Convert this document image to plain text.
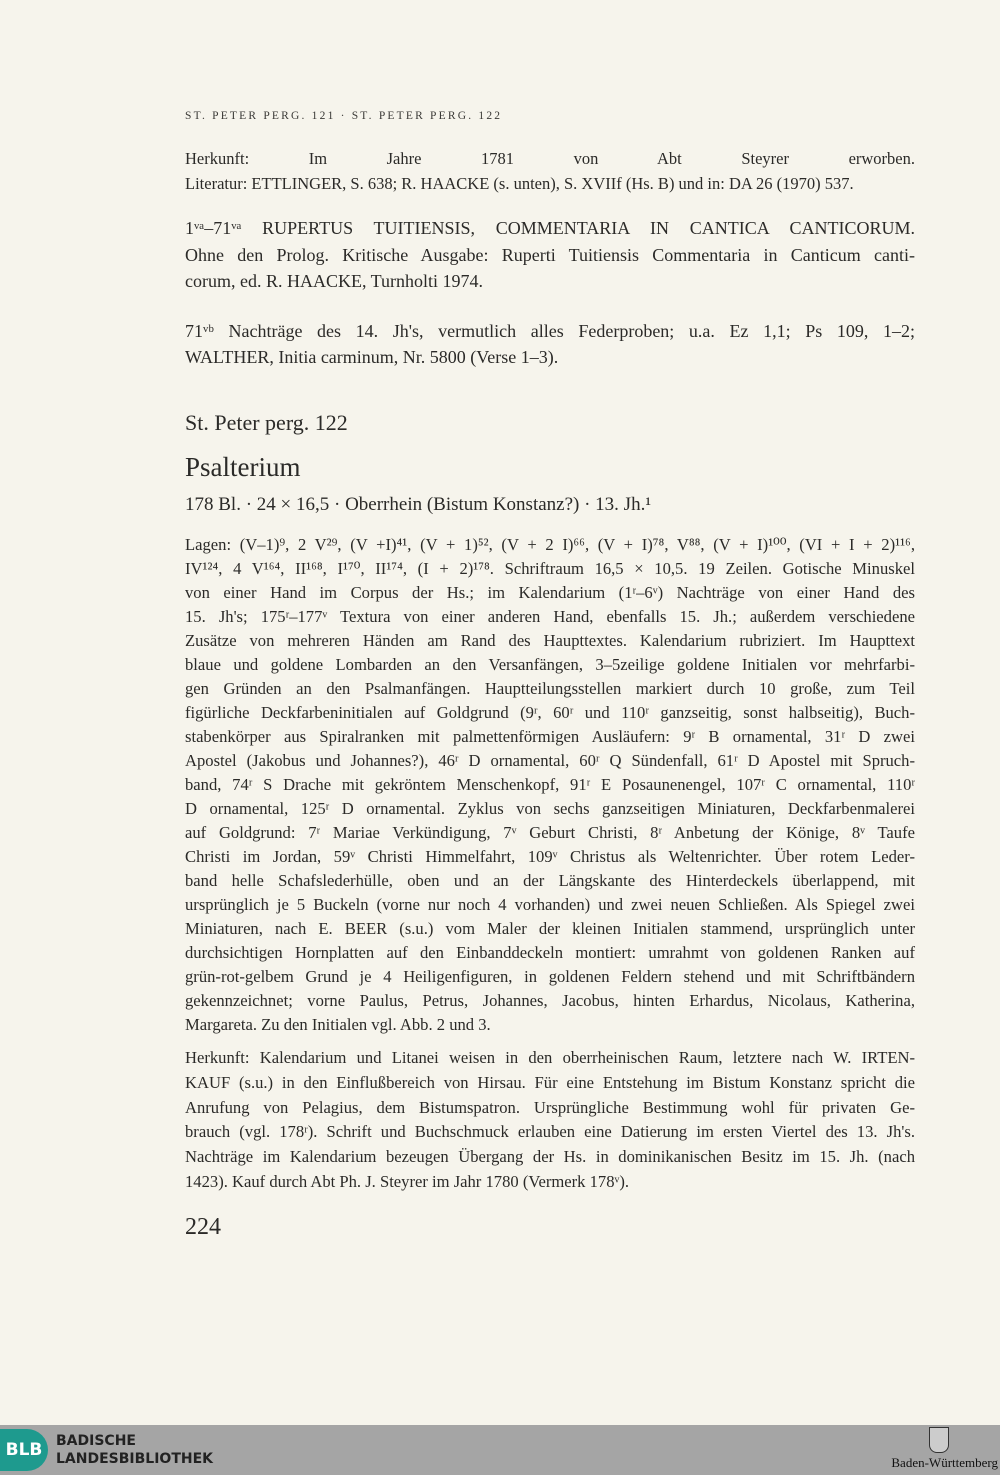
ST. PETER PERG. 121 · ST. PETER PERG. 122
Herkunft: Im Jahre 1781 von Abt Steyrer erworben.
Literatur: ETTLINGER, S. 638; R. HAACKE (s. unten), S. XVIIf (Hs. B) und in: DA 26 (1970) 537.
1ᵛᵃ–71ᵛᵃ RUPERTUS TUITIENSIS, COMMENTARIA IN CANTICA CANTICORUM.
Ohne den Prolog. Kritische Ausgabe: Ruperti Tuitiensis Commentaria in Canticum canti-
corum, ed. R. HAACKE, Turnholti 1974.
71ᵛᵇ Nachträge des 14. Jh's, vermutlich alles Federproben; u.a. Ez 1,1; Ps 109, 1–2;
WALTHER, Initia carminum, Nr. 5800 (Verse 1–3).
St. Peter perg. 122
Psalterium
178 Bl. · 24 × 16,5 · Oberrhein (Bistum Konstanz?) · 13. Jh.¹
Lagen: (V–1)⁹, 2 V²⁹, (V +I)⁴¹, (V + 1)⁵², (V + 2 I)⁶⁶, (V + I)⁷⁸, V⁸⁸, (V + I)¹⁰⁰, (VI + I + 2)¹¹⁶,
IV¹²⁴, 4 V¹⁶⁴, II¹⁶⁸, I¹⁷⁰, II¹⁷⁴, (I + 2)¹⁷⁸. Schriftraum 16,5 × 10,5. 19 Zeilen. Gotische Minuskel
von einer Hand im Corpus der Hs.; im Kalendarium (1ʳ–6ᵛ) Nachträge von einer Hand des
15. Jh's; 175ʳ–177ᵛ Textura von einer anderen Hand, ebenfalls 15. Jh.; außerdem verschiedene
Zusätze von mehreren Händen am Rand des Haupttextes. Kalendarium rubriziert. Im Haupttext
blaue und goldene Lombarden an den Versanfängen, 3–5zeilige goldene Initialen vor mehrfarbi-
gen Gründen an den Psalmanfängen. Hauptteilungsstellen markiert durch 10 große, zum Teil
figürliche Deckfarbeninitialen auf Goldgrund (9ʳ, 60ʳ und 110ʳ ganzseitig, sonst halbseitig), Buch-
stabenkörper aus Spiralranken mit palmettenförmigen Ausläufern: 9ʳ B ornamental, 31ʳ D zwei
Apostel (Jakobus und Johannes?), 46ʳ D ornamental, 60ʳ Q Sündenfall, 61ʳ D Apostel mit Spruch-
band, 74ʳ S Drache mit gekröntem Menschenkopf, 91ʳ E Posaunenengel, 107ʳ C ornamental, 110ʳ
D ornamental, 125ʳ D ornamental. Zyklus von sechs ganzseitigen Miniaturen, Deckfarbenmalerei
auf Goldgrund: 7ʳ Mariae Verkündigung, 7ᵛ Geburt Christi, 8ʳ Anbetung der Könige, 8ᵛ Taufe
Christi im Jordan, 59ᵛ Christi Himmelfahrt, 109ᵛ Christus als Weltenrichter. Über rotem Leder-
band helle Schafslederhülle, oben und an der Längskante des Hinterdeckels überlappend, mit
ursprünglich je 5 Buckeln (vorne nur noch 4 vorhanden) und zwei neuen Schließen. Als Spiegel zwei
Miniaturen, nach E. BEER (s.u.) vom Maler der kleinen Initialen stammend, ursprünglich unter
durchsichtigen Hornplatten auf den Einbanddeckeln montiert: umrahmt von goldenen Ranken auf
grün-rot-gelbem Grund je 4 Heiligenfiguren, in goldenen Feldern stehend und mit Schriftbändern
gekennzeichnet; vorne Paulus, Petrus, Johannes, Jacobus, hinten Erhardus, Nicolaus, Katherina,
Margareta. Zu den Initialen vgl. Abb. 2 und 3.
Herkunft: Kalendarium und Litanei weisen in den oberrheinischen Raum, letztere nach W. IRTEN-
KAUF (s.u.) in den Einflußbereich von Hirsau. Für eine Entstehung im Bistum Konstanz spricht die
Anrufung von Pelagius, dem Bistumspatron. Ursprüngliche Bestimmung wohl für privaten Ge-
brauch (vgl. 178ʳ). Schrift und Buchschmuck erlauben eine Datierung im ersten Viertel des 13. Jh's.
Nachträge im Kalendarium bezeugen Übergang der Hs. in dominikanischen Besitz im 15. Jh. (nach
1423). Kauf durch Abt Ph. J. Steyrer im Jahr 1780 (Vermerk 178ᵛ).
224
BLB BADISCHE
LANDESBIBLIOTHEK	Baden-Württemberg
